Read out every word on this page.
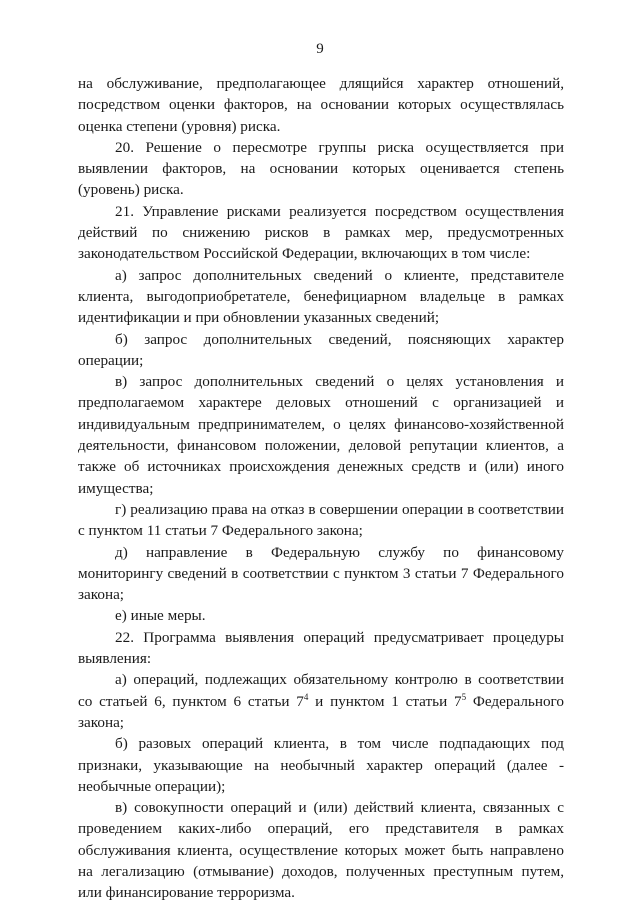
9

на обслуживание, предполагающее длящийся характер отношений, посредством оценки факторов, на основании которых осуществлялась оценка степени (уровня) риска.

20. Решение о пересмотре группы риска осуществляется при выявлении факторов, на основании которых оценивается степень (уровень) риска.

21. Управление рисками реализуется посредством осуществления действий по снижению рисков в рамках мер, предусмотренных законодательством Российской Федерации, включающих в том числе:

а) запрос дополнительных сведений о клиенте, представителе клиента, выгодоприобретателе, бенефициарном владельце в рамках идентификации и при обновлении указанных сведений;

б) запрос дополнительных сведений, поясняющих характер операции;

в) запрос дополнительных сведений о целях установления и предполагаемом характере деловых отношений с организацией и индивидуальным предпринимателем, о целях финансово-хозяйственной деятельности, финансовом положении, деловой репутации клиентов, а также об источниках происхождения денежных средств и (или) иного имущества;

г) реализацию права на отказ в совершении операции в соответствии с пунктом 11 статьи 7 Федерального закона;

д) направление в Федеральную службу по финансовому мониторингу сведений в соответствии с пунктом 3 статьи 7 Федерального закона;

е) иные меры.

22. Программа выявления операций предусматривает процедуры выявления:

а) операций, подлежащих обязательному контролю в соответствии со статьей 6, пунктом 6 статьи $7^4$ и пунктом 1 статьи $7^5$ Федерального закона;

б) разовых операций клиента, в том числе подпадающих под признаки, указывающие на необычный характер операций (далее - необычные операции);

в) совокупности операций и (или) действий клиента, связанных с проведением каких-либо операций, его представителя в рамках обслуживания клиента, осуществление которых может быть направлено на легализацию (отмывание) доходов, полученных преступным путем, или финансирование терроризма.
